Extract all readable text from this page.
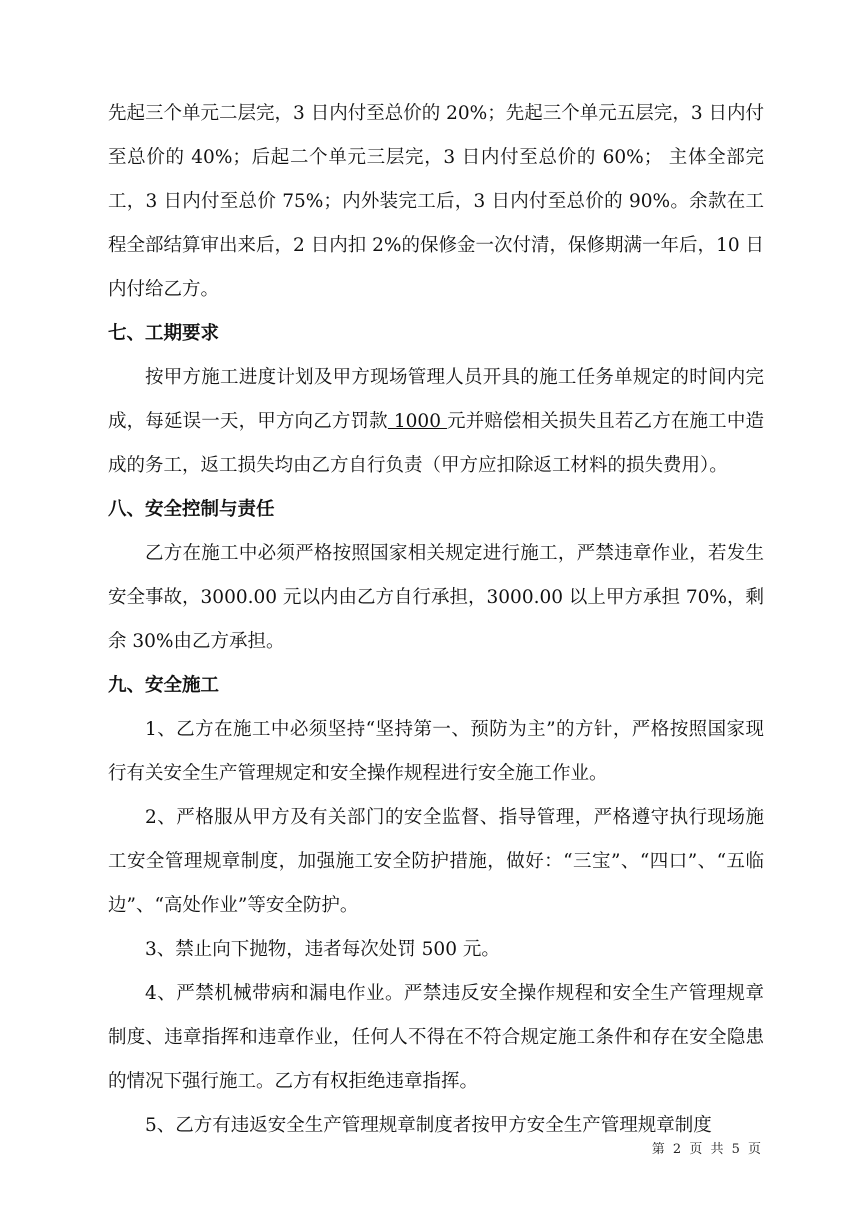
先起三个单元二层完，3 日内付至总价的 20%；先起三个单元五层完，3 日内付至总价的 40%；后起二个单元三层完，3 日内付至总价的 60%； 主体全部完工，3 日内付至总价 75%；内外装完工后，3 日内付至总价的 90%。余款在工程全部结算审出来后，2 日内扣 2%的保修金一次付清，保修期满一年后，10 日内付给乙方。

七、工期要求

按甲方施工进度计划及甲方现场管理人员开具的施工任务单规定的时间内完成，每延误一天，甲方向乙方罚款 1000 元并赔偿相关损失且若乙方在施工中造成的务工，返工损失均由乙方自行负责（甲方应扣除返工材料的损失费用）。

八、安全控制与责任

乙方在施工中必须严格按照国家相关规定进行施工，严禁违章作业，若发生安全事故，3000.00 元以内由乙方自行承担，3000.00 以上甲方承担 70%，剩余 30%由乙方承担。

九、安全施工

1、乙方在施工中必须坚持“坚持第一、预防为主”的方针，严格按照国家现行有关安全生产管理规定和安全操作规程进行安全施工作业。

2、严格服从甲方及有关部门的安全监督、指导管理，严格遵守执行现场施工安全管理规章制度，加强施工安全防护措施，做好：“三宝”、“四口”、“五临边”、“高处作业”等安全防护。

3、禁止向下抛物，违者每次处罚 500 元。

4、严禁机械带病和漏电作业。严禁违反安全操作规程和安全生产管理规章制度、违章指挥和违章作业，任何人不得在不符合规定施工条件和存在安全隐患的情况下强行施工。乙方有权拒绝违章指挥。

5、乙方有违返安全生产管理规章制度者按甲方安全生产管理规章制度

第 2 页 共 5 页
